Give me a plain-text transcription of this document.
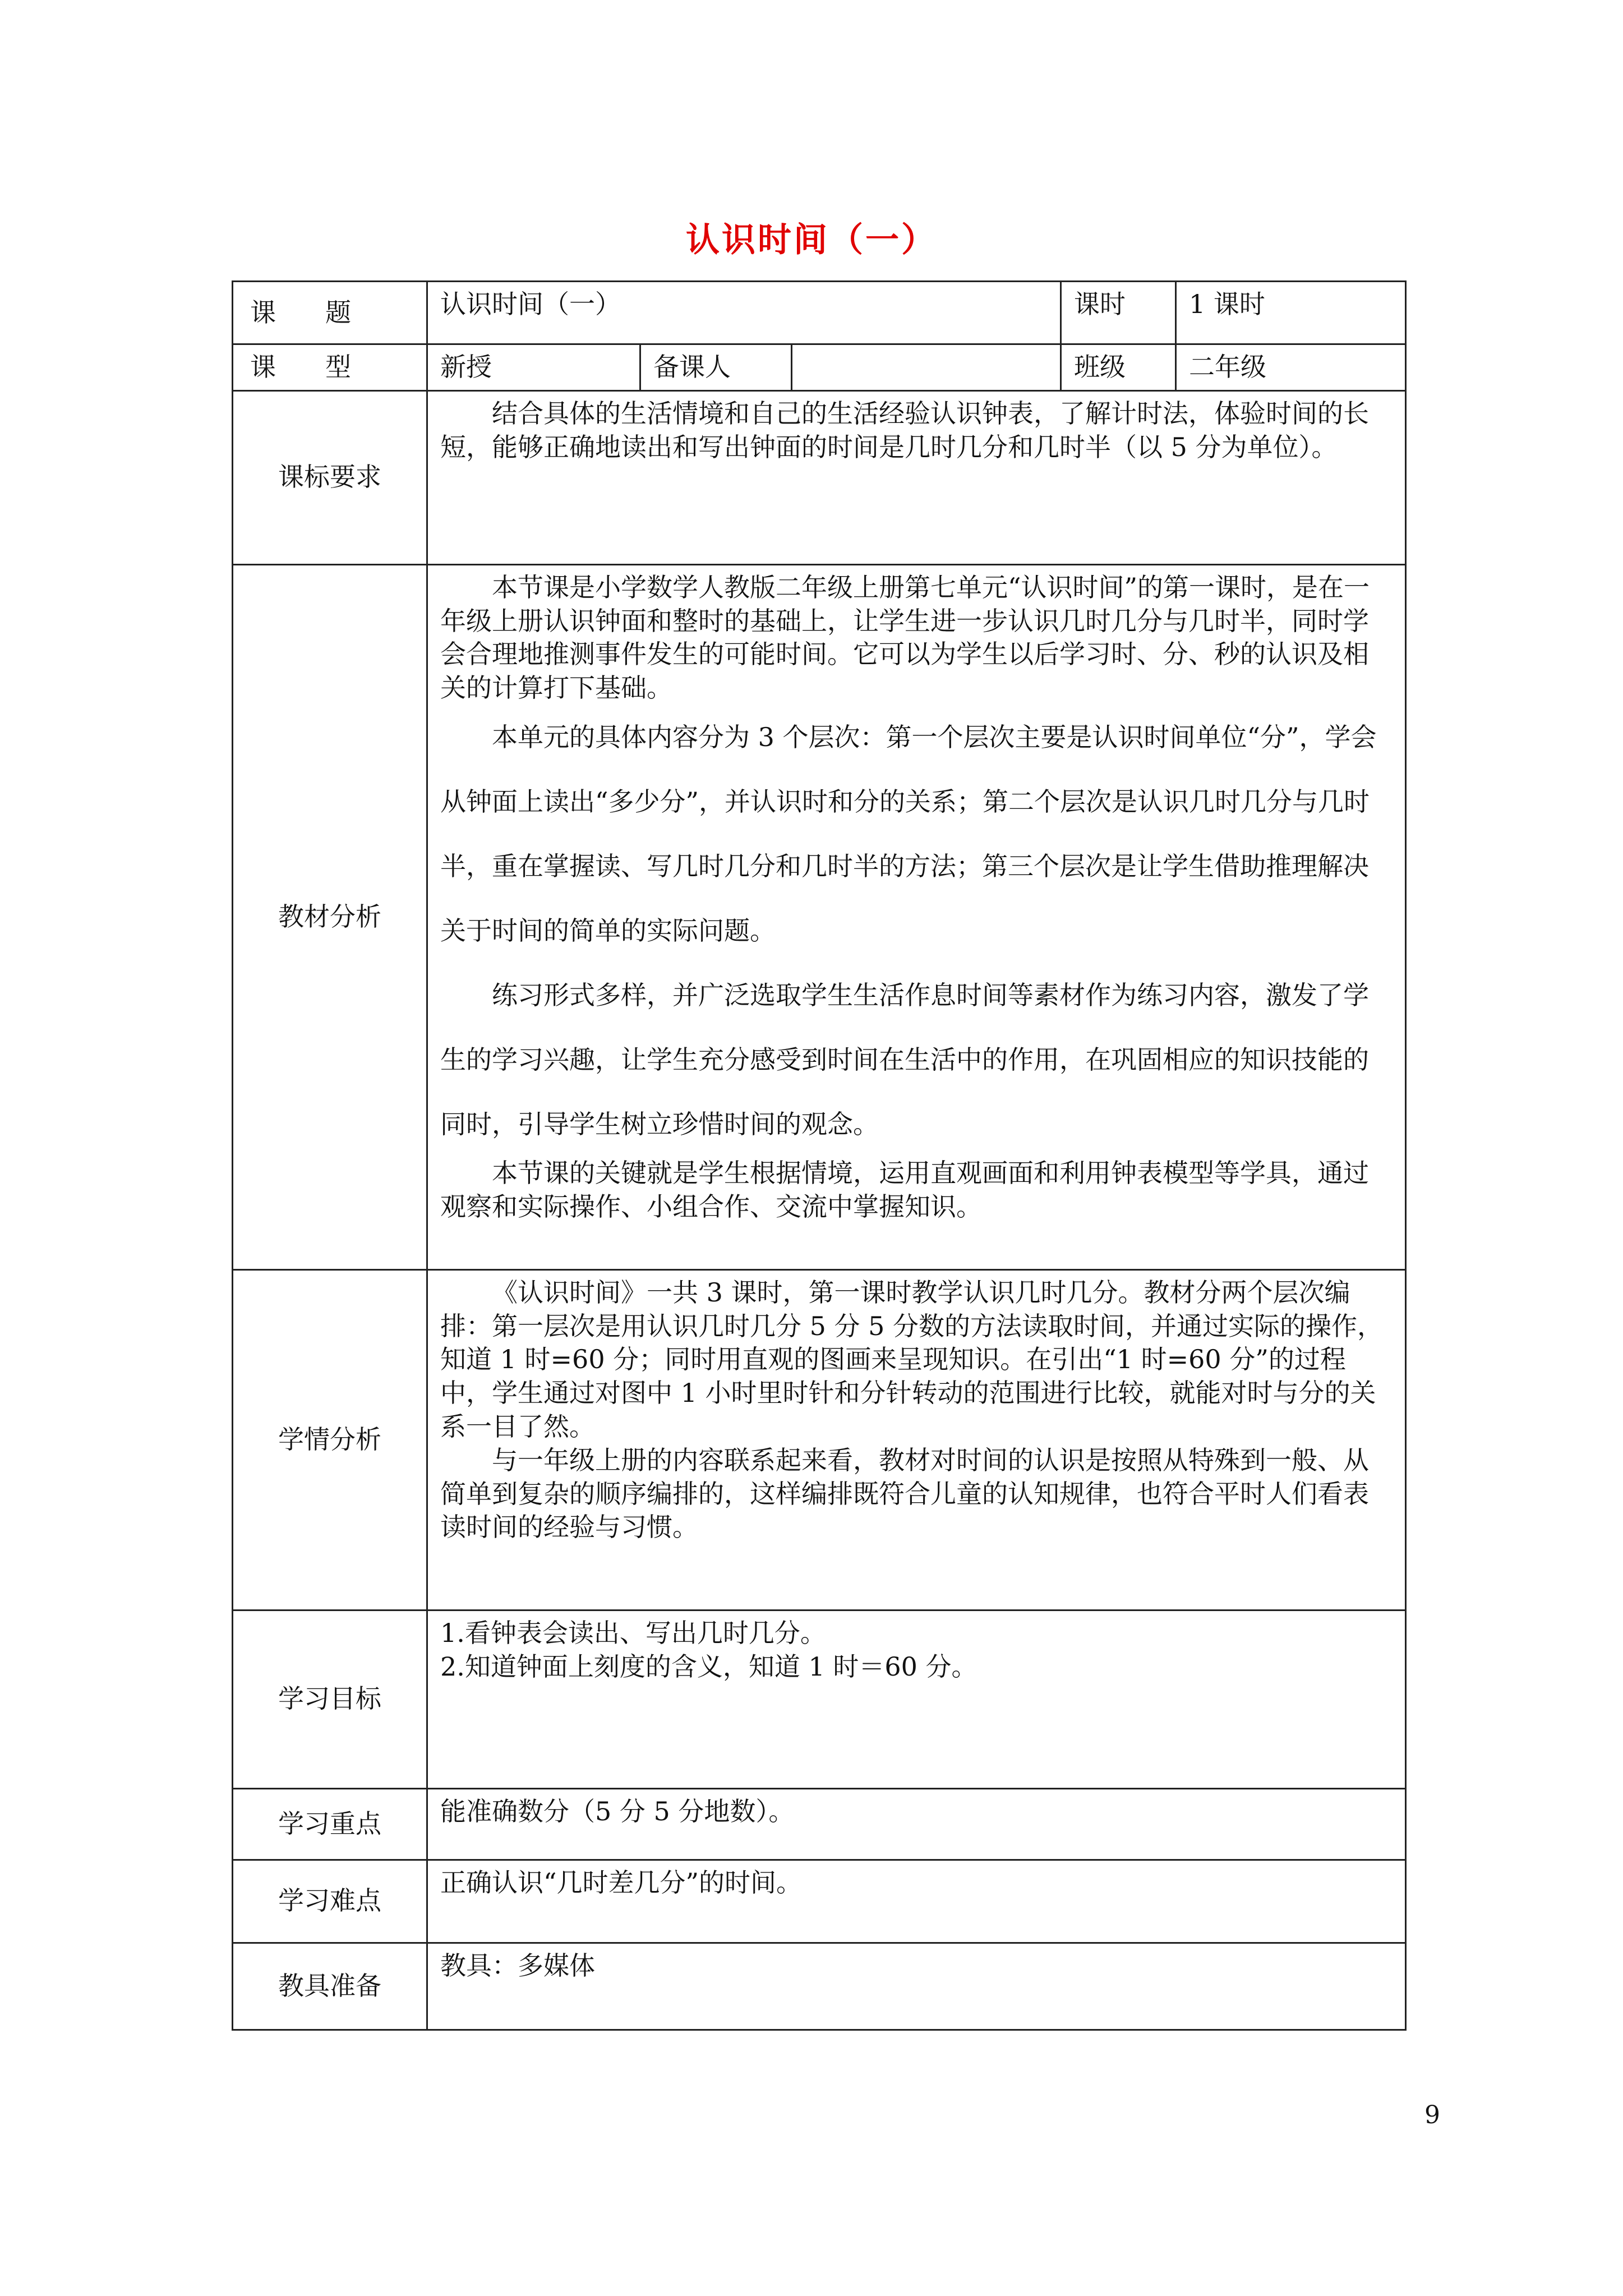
认识时间（一）
课 题	认识时间（一）			课时	1 课时
课 型	新授	备课人		班级	二年级
课标要求	结合具体的生活情境和自己的生活经验认识钟表，了解计时法，体验时间的长短，能够正确地读出和写出钟面的时间是几时几分和几时半（以 5 分为单位）。				

教材分析	本节课是小学数学人教版二年级上册第七单元“认识时间”的第一课时，是在一年级上册认识钟面和整时的基础上，让学生进一步认识几时几分与几时半，同时学会合理地推测事件发生的可能时间。它可以为学生以后学习时、分、秒的认识及相关的计算打下基础。

本单元的具体内容分为 3 个层次：第一个层次主要是认识时间单位“分”，学会从钟面上读出“多少分”，并认识时和分的关系；第二个层次是认识几时几分与几时半，重在掌握读、写几时几分和几时半的方法；第三个层次是让学生借助推理解决关于时间的简单的实际问题。

练习形式多样，并广泛选取学生生活作息时间等素材作为练习内容，激发了学生的学习兴趣，让学生充分感受到时间在生活中的作用，在巩固相应的知识技能的同时，引导学生树立珍惜时间的观念。

本节课的关键就是学生根据情境，运用直观画面和利用钟表模型等学具，通过观察和实际操作、小组合作、交流中掌握知识。				

学情分析	《认识时间》一共 3 课时，第一课时教学认识几时几分。教材分两个层次编排：第一层次是用认识几时几分 5 分 5 分数的方法读取时间，并通过实际的操作，知道 1 时=60 分；同时用直观的图画来呈现知识。在引出“1 时=60 分”的过程中，学生通过对图中 1 小时里时针和分针转动的范围进行比较，就能对时与分的关系一目了然。

与一年级上册的内容联系起来看，教材对时间的认识是按照从特殊到一般、从简单到复杂的顺序编排的，这样编排既符合儿童的认知规律，也符合平时人们看表读时间的经验与习惯。				

学习目标	1.看钟表会读出、写出几时几分。

2.知道钟面上刻度的含义，知道 1 时＝60 分。				

学习重点	能准确数分（5 分 5 分地数）。				
学习难点	正确认识“几时差几分”的时间。				
教具准备	教具：多媒体				
9
